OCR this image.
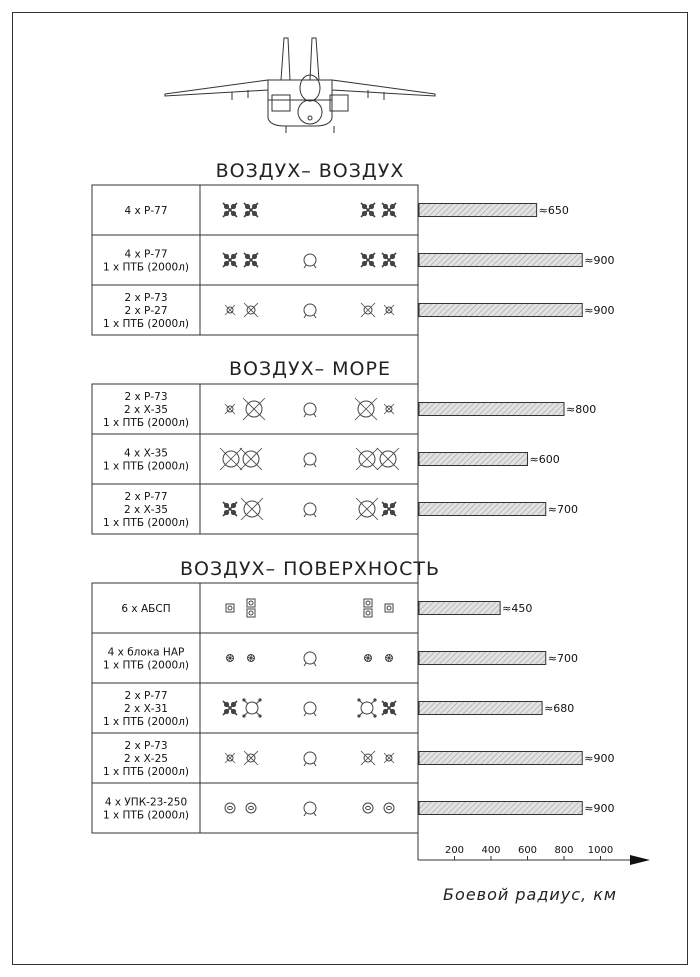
ВОЗДУХ– ВОЗДУХ
4 x Р-77
4 x Р-77
1 x ПТБ (2000л)
2 x Р-73
2 x Р-27
1 x ПТБ (2000л)
≈650
≈900
≈900
ВОЗДУХ– МОРЕ
2 x Р-73
2 x Х-35
1 x ПТБ (2000л)
4 x Х-35
1 x ПТБ (2000л)
2 x Р-77
2 x Х-35
1 x ПТБ (2000л)
≈800
≈600
≈700
ВОЗДУХ– ПОВЕРХНОСТЬ
6 x АБСП
4 x блока НАР
1 x ПТБ (2000л)
2 x Р-77
2 x Х-31
1 x ПТБ (2000л)
2 x Р-73
2 x Х-25
1 x ПТБ (2000л)
4 x УПК-23-250
1 x ПТБ (2000л)
≈450
≈700
≈680
≈900
≈900
200 400 600 800 1000
Боевой радиус, км
